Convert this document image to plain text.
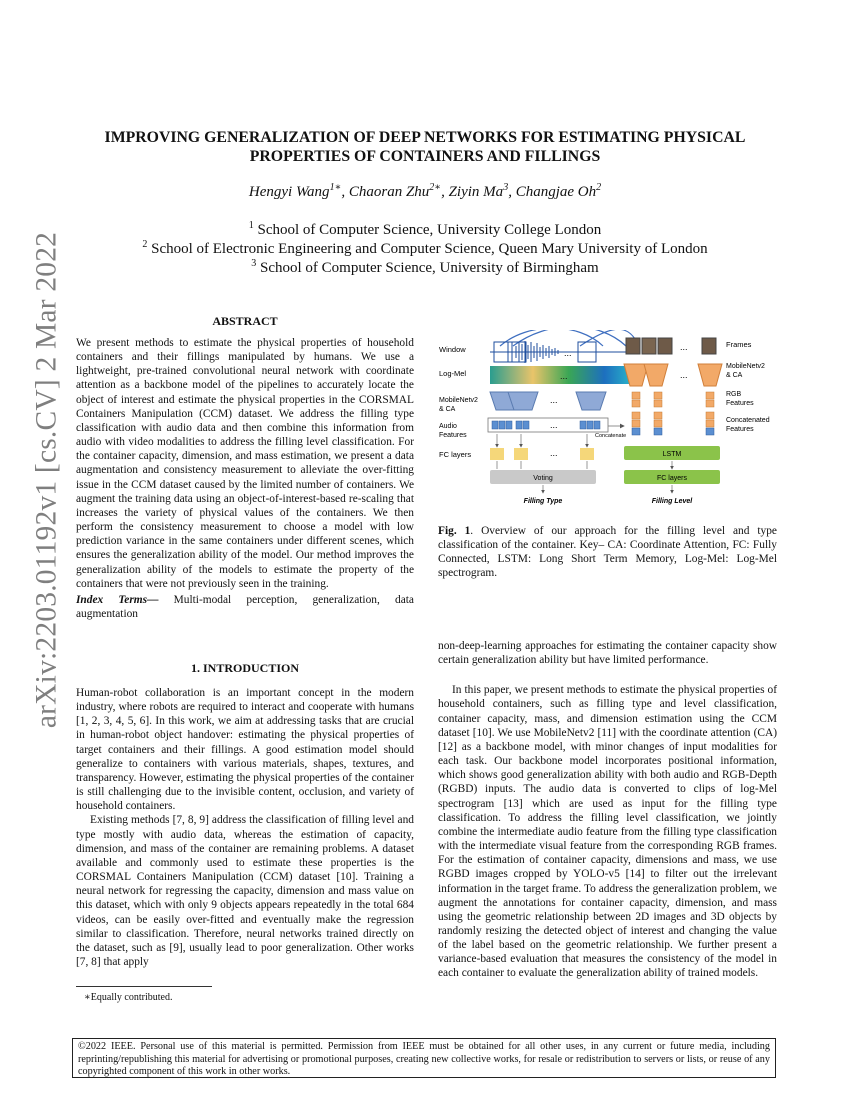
arXiv:2203.01192v1 [cs.CV] 2 Mar 2022
IMPROVING GENERALIZATION OF DEEP NETWORKS FOR ESTIMATING PHYSICAL
PROPERTIES OF CONTAINERS AND FILLINGS
Hengyi Wang$^{1∗}$, Chaoran Zhu$^{2∗}$, Ziyin Ma$^3$, Changjae Oh$^2$
$^1$ School of Computer Science, University College London
$^2$ School of Electronic Engineering and Computer Science, Queen Mary University of London
$^3$ School of Computer Science, University of Birmingham
ABSTRACT

We present methods to estimate the physical properties of household containers and their fillings manipulated by humans. We use a lightweight, pre-trained convolutional neural network with coordinate attention as a backbone model of the pipelines to accurately locate the object of interest and estimate the physical properties in the CORSMAL Containers Manipulation (CCM) dataset. We address the filling type classification with audio data and then combine this information from audio with video modalities to address the filling level classification. For the container capacity, dimension, and mass estimation, we present a data augmentation and consistency measurement to alleviate the over-fitting issue in the CCM dataset caused by the limited number of containers. We augment the training data using an object-of-interest-based re-scaling that increases the variety of physical values of the containers. We then perform the consistency measurement to choose a model with low prediction variance in the same containers under different scenes, which ensures the generalization ability of the model. Our method improves the generalization ability of the models to estimate the property of the containers that were not previously seen in the training.

Index Terms— Multi-modal perception, generalization, data augmentation

1. INTRODUCTION

Human-robot collaboration is an important concept in the modern industry, where robots are required to interact and cooperate with humans [1, 2, 3, 4, 5, 6]. In this work, we aim at addressing tasks that are crucial in human-robot object handover: estimating the physical properties of target containers and their fillings. A good estimation model should generalize to containers with various materials, shapes, textures, and transparency. However, estimating the physical properties of the container is still challenging due to the invisible content, occlusion, and variety of household containers.

Existing methods [7, 8, 9] address the classification of filling level and type mostly with audio data, whereas the estimation of capacity, dimension, and mass of the container are remaining problems. A dataset available and commonly used to estimate these properties is the CORSMAL Containers Manipulation (CCM) dataset [10]. Training a neural network for regressing the capacity, dimension and mass value on this dataset, which with only 9 objects appears repeatedly in the total 684 videos, can be easily over-fitted and eventually make the regression similar to classification. Therefore, neural networks trained directly on the dataset, such as [9], usually lead to poor generalization. Other works [7, 8] that apply

∗Equally contributed.
Window
Log-Mel
MobileNetv2 & CA
Audio Features
FC layers
...
...
...
...
Concatenate
...
Voting
Filling Type
...	Frames
...
MobileNetv2 & CA
RGB Features
Concatenated Features
LSTM
FC layers
Filling Level
Fig. 1. Overview of our approach for the filling level and type classification of the container. Key– CA: Coordinate Attention, FC: Fully Connected, LSTM: Long Short Term Memory, Log-Mel: Log-Mel spectrogram.

non-deep-learning approaches for estimating the container capacity show certain generalization ability but have limited performance.

In this paper, we present methods to estimate the physical properties of household containers, such as filling type and level classification, container capacity, mass, and dimension estimation using the CCM dataset [10]. We use MobileNetv2 [11] with the coordinate attention (CA) [12] as a backbone model, with minor changes of input modalities for each task. Our backbone model incorporates positional information, which shows good generalization ability with both audio and RGB-Depth (RGBD) inputs. The audio data is converted to clips of log-Mel spectrogram [13] which are used as input for the filling type classification. To address the filling level classification, we jointly combine the intermediate audio feature from the filling type classification with the intermediate visual feature from the corresponding RGB frames. For the estimation of container capacity, dimensions and mass, we use RGBD images cropped by YOLO-v5 [14] to filter out the irrelevant information in the target frame. To address the generalization problem, we augment the annotations for container capacity, dimension, and mass using the geometric relationship between 2D images and 3D objects by randomly resizing the detected object of interest and changing the value of the label based on the geometric relationship. We further present a variance-based evaluation that measures the consistency of the model in each container to evaluate the generalization ability of trained models.

©2022 IEEE. Personal use of this material is permitted. Permission from IEEE must be obtained for all other uses, in any current or future media, including reprinting/republishing this material for advertising or promotional purposes, creating new collective works, for resale or redistribution to servers or lists, or reuse of any copyrighted component of this work in other works.
